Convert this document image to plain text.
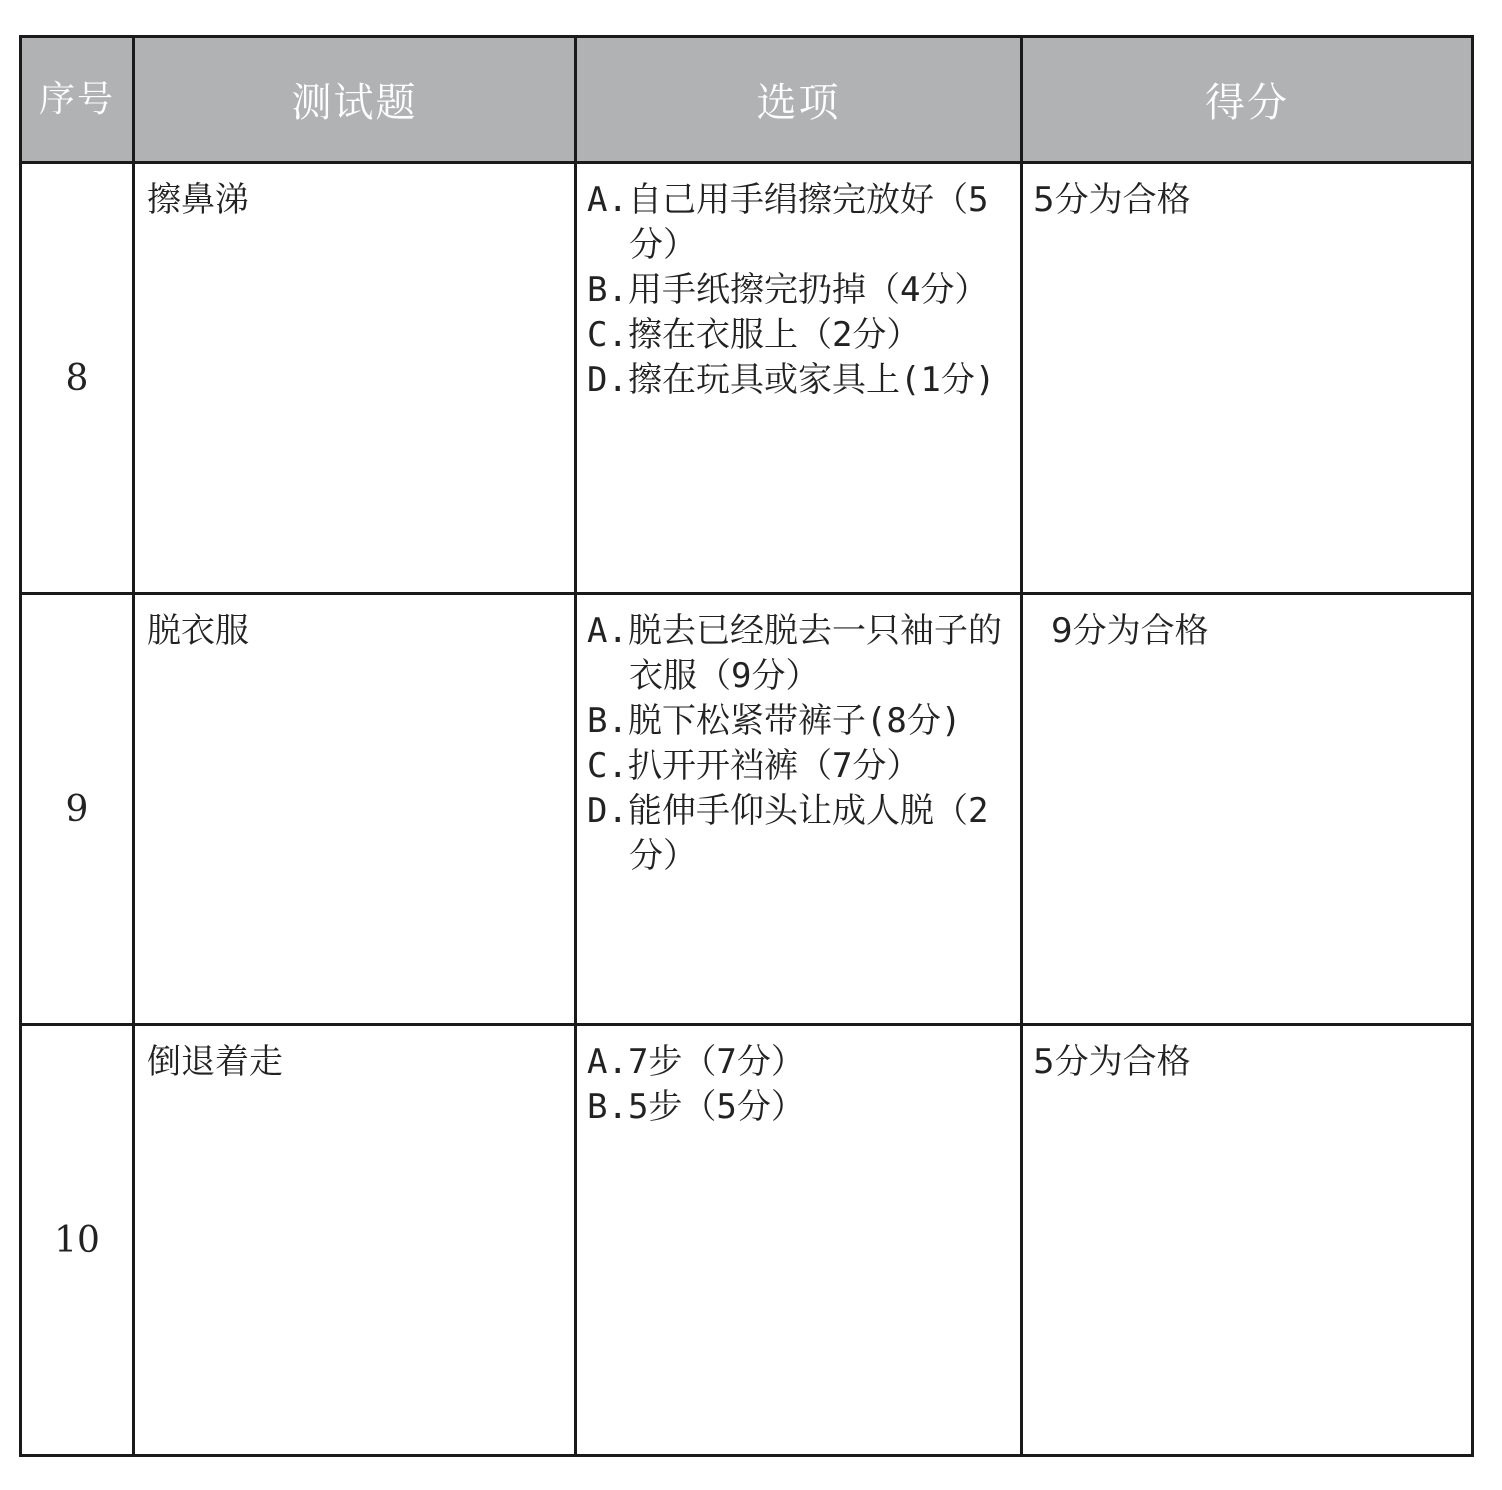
序号	测试题	选项	得分
8	擦鼻涕	A.自己用手绢擦完放好（5分）
B.用手纸擦完扔掉（4分）
C.擦在衣服上（2分）
D.擦在玩具或家具上(1分)	5分为合格
9	脱衣服	A.脱去已经脱去一只袖子的衣服（9分）
B.脱下松紧带裤子(8分)
C.扒开开裆裤（7分）
D.能伸手仰头让成人脱（2分）	9分为合格

10	倒退着走	A.7步（7分）
B.5步（5分）	5分为合格
